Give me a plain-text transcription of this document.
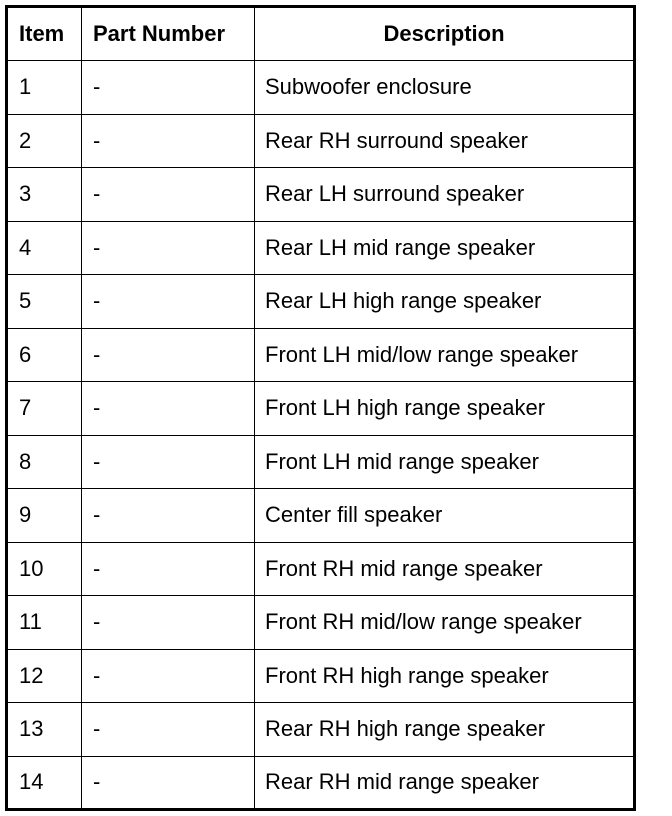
Item	Part Number	Description
1	-	Subwoofer enclosure
2	-	Rear RH surround speaker
3	-	Rear LH surround speaker
4	-	Rear LH mid range speaker
5	-	Rear LH high range speaker
6	-	Front LH mid/low range speaker
7	-	Front LH high range speaker
8	-	Front LH mid range speaker
9	-	Center fill speaker
10	-	Front RH mid range speaker
11	-	Front RH mid/low range speaker
12	-	Front RH high range speaker
13	-	Rear RH high range speaker
14	-	Rear RH mid range speaker
